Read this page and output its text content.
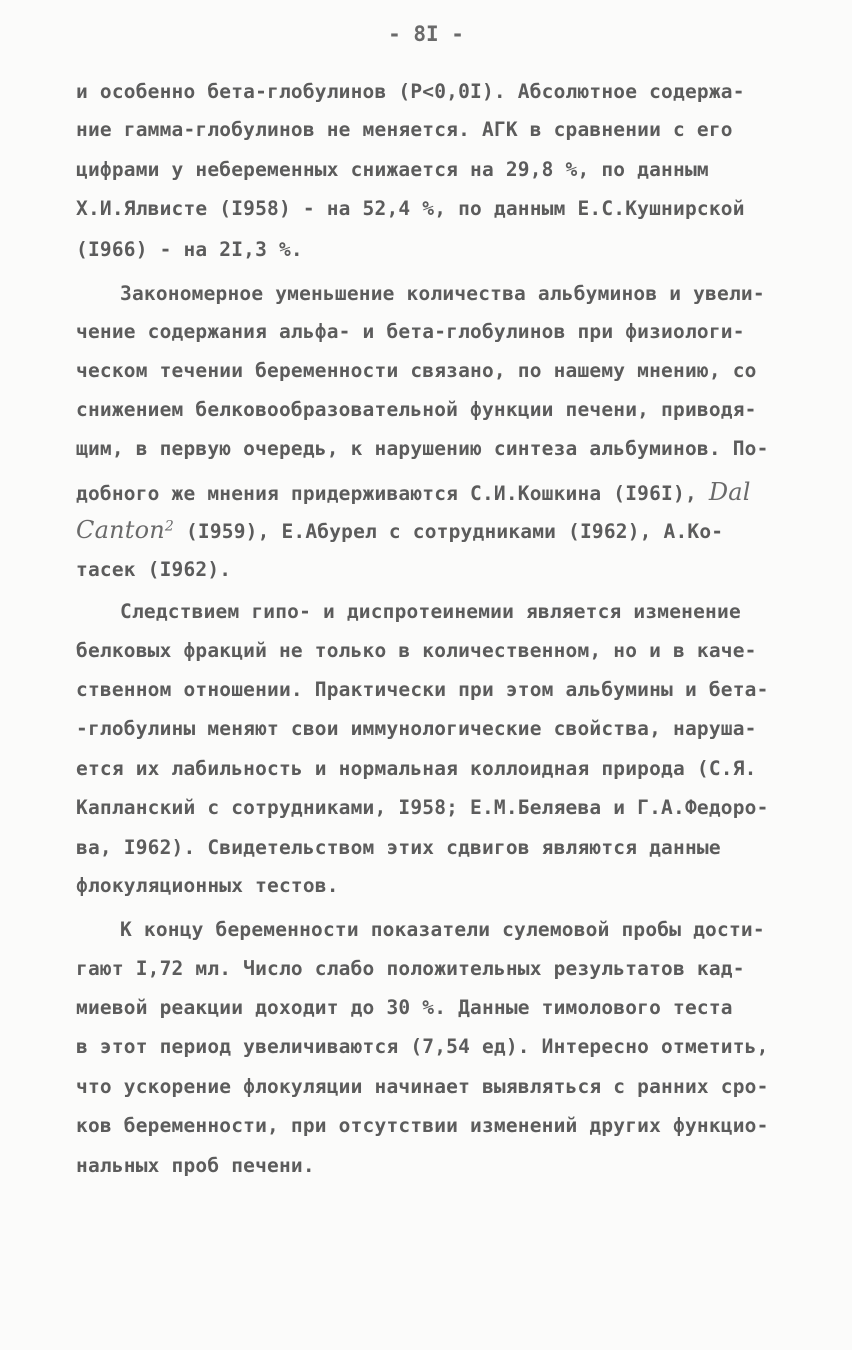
- 8I -
и особенно бета-глобулинов (Р<0,0I). Абсолютное содержа-
ние гамма-глобулинов не меняется. АГК в сравнении с его
цифрами у небеременных снижается на 29,8 %, по данным
Х.И.Ялвисте (I958) - на 52,4 %, по данным Е.С.Кушнирской
(I966) - на 2I,3 %.
Закономерное уменьшение количества альбуминов и увели-
чение содержания альфа- и бета-глобулинов при физиологи-
ческом течении беременности связано, по нашему мнению, со
снижением белковообразовательной функции печени, приводя-
щим, в первую очередь, к нарушению синтеза альбуминов. По-
добного же мнения придерживаются С.И.Кошкина (I96I), Dal
Canton$^2$ (I959), Е.Абурел с сотрудниками (I962), А.Ко-
тасек (I962).
Следствием гипо- и диспротеинемии является изменение
белковых фракций не только в количественном, но и в каче-
ственном отношении. Практически при этом альбумины и бета-
-глобулины меняют свои иммунологические свойства, наруша-
ется их лабильность и нормальная коллоидная природа (С.Я.
Капланский с сотрудниками, I958; Е.М.Беляева и Г.А.Федоро-
ва, I962). Свидетельством этих сдвигов являются данные
флокуляционных тестов.
К концу беременности показатели сулемовой пробы дости-
гают I,72 мл. Число слабо положительных результатов кад-
миевой реакции доходит до 30 %. Данные тимолового теста
в этот период увеличиваются (7,54 ед). Интересно отметить,
что ускорение флокуляции начинает выявляться с ранних сро-
ков беременности, при отсутствии изменений других функцио-
нальных проб печени.
